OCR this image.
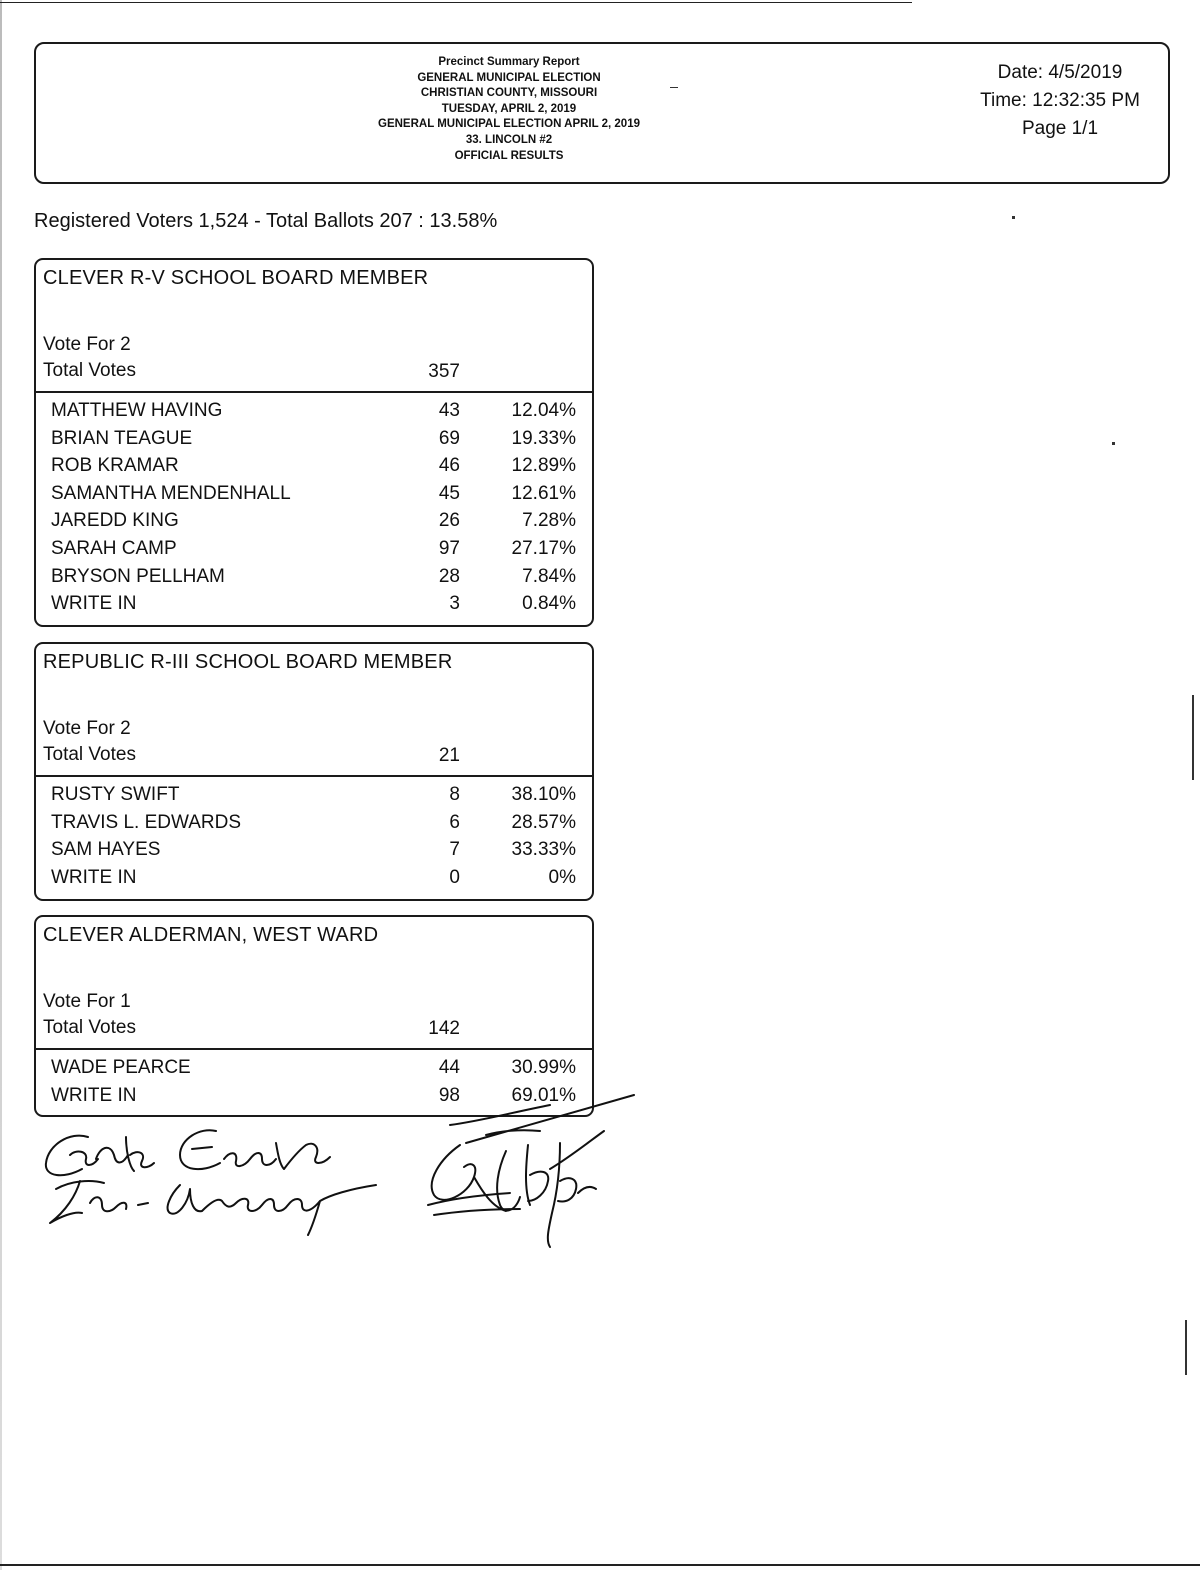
Precinct Summary Report
GENERAL MUNICIPAL ELECTION
CHRISTIAN COUNTY, MISSOURI
TUESDAY, APRIL 2, 2019
GENERAL MUNICIPAL ELECTION APRIL 2, 2019
33. LINCOLN #2
OFFICIAL RESULTS
Date: 4/5/2019
Time: 12:32:35 PM
Page 1/1
Registered Voters 1,524 - Total Ballots 207 : 13.58%
CLEVER R-V SCHOOL BOARD MEMBER
Vote For 2
Total Votes	357
MATTHEW HAVING	43	12.04%
BRIAN TEAGUE	69	19.33%
ROB KRAMAR	46	12.89%
SAMANTHA MENDENHALL	45	12.61%
JAREDD KING	26	7.28%
SARAH CAMP	97	27.17%
BRYSON PELLHAM	28	7.84%
WRITE IN	3	0.84%
REPUBLIC R-III SCHOOL BOARD MEMBER
Vote For 2
Total Votes	21
RUSTY SWIFT	8	38.10%
TRAVIS L. EDWARDS	6	28.57%
SAM HAYES	7	33.33%
WRITE IN	0	0%
CLEVER ALDERMAN, WEST WARD
Vote For 1
Total Votes	142
WADE PEARCE	44	30.99%
WRITE IN	98	69.01%
